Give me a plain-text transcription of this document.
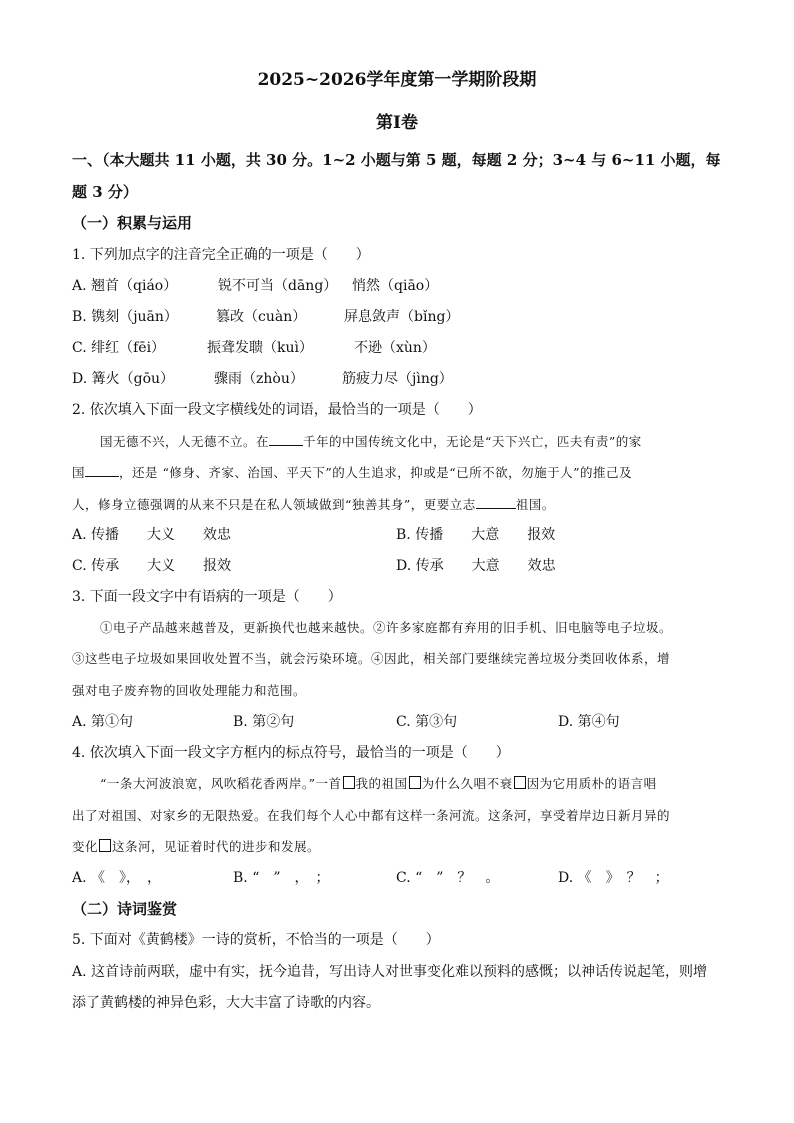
2025~2026学年度第一学期阶段期
第Ⅰ卷
一、（本大题共 11 小题，共 30 分。1~2 小题与第 5 题，每题 2 分；3~4 与 6~11 小题，每
题 3 分）
（一）积累与运用
1. 下列加点字的注音完全正确的一项是（　　）
A. 翘首（qiáo）	锐不可当（dāng） 悄然（qiāo）
B. 镌刻（juān）	篡改（cuàn）	屏息敛声（bǐng）
C. 绯红（fēi）	振聋发聩（kuì）	不逊（xùn）
D. 篝火（gōu）	骤雨（zhòu）	筋疲力尽（jìng）
2. 依次填入下面一段文字横线处的词语，最恰当的一项是（　　）
国无德不兴，人无德不立。在	千年的中国传统文化中，无论是“天下兴亡，匹夫有责”的家
国	，还是 “修身、齐家、治国、平天下”的人生追求，抑或是“已所不欲，勿施于人”的推己及
人，修身立德强调的从来不只是在私人领域做到“独善其身”，更要立志	祖国。
A. 传播　　大义　　效忠	B. 传播　　大意　　报效
C. 传承　　大义　　报效	D. 传承　　大意　　效忠
3. 下面一段文字中有语病的一项是（　　）
①电子产品越来越普及，更新换代也越来越快。②许多家庭都有弃用的旧手机、旧电脑等电子垃圾。
③这些电子垃圾如果回收处置不当，就会污染环境。④因此，相关部门要继续完善垃圾分类回收体系，增
强对电子废弃物的回收处理能力和范围。
A. 第①句	B. 第②句	C. 第③句	D. 第④句
4. 依次填入下面一段文字方框内的标点符号，最恰当的一项是（　　）
“一条大河波浪宽，风吹稻花香两岸。”一首 我的祖国 为什么久唱不衰 因为它用质朴的语言唱
出了对祖国、对家乡的无限热爱。在我们每个人心中都有这样一条河流。这条河，享受着岸边日新月异的
变化 这条河，见证着时代的进步和发展。
A. 《　》，　，	B. “　”　，　；	C. “　”　？　。	D. 《　》　？　；
（二）诗词鉴赏
5. 下面对《黄鹤楼》一诗的赏析，不恰当的一项是（　　）
A. 这首诗前两联，虚中有实，抚今追昔，写出诗人对世事变化难以预料的感慨；以神话传说起笔，则增
添了黄鹤楼的神异色彩，大大丰富了诗歌的内容。
